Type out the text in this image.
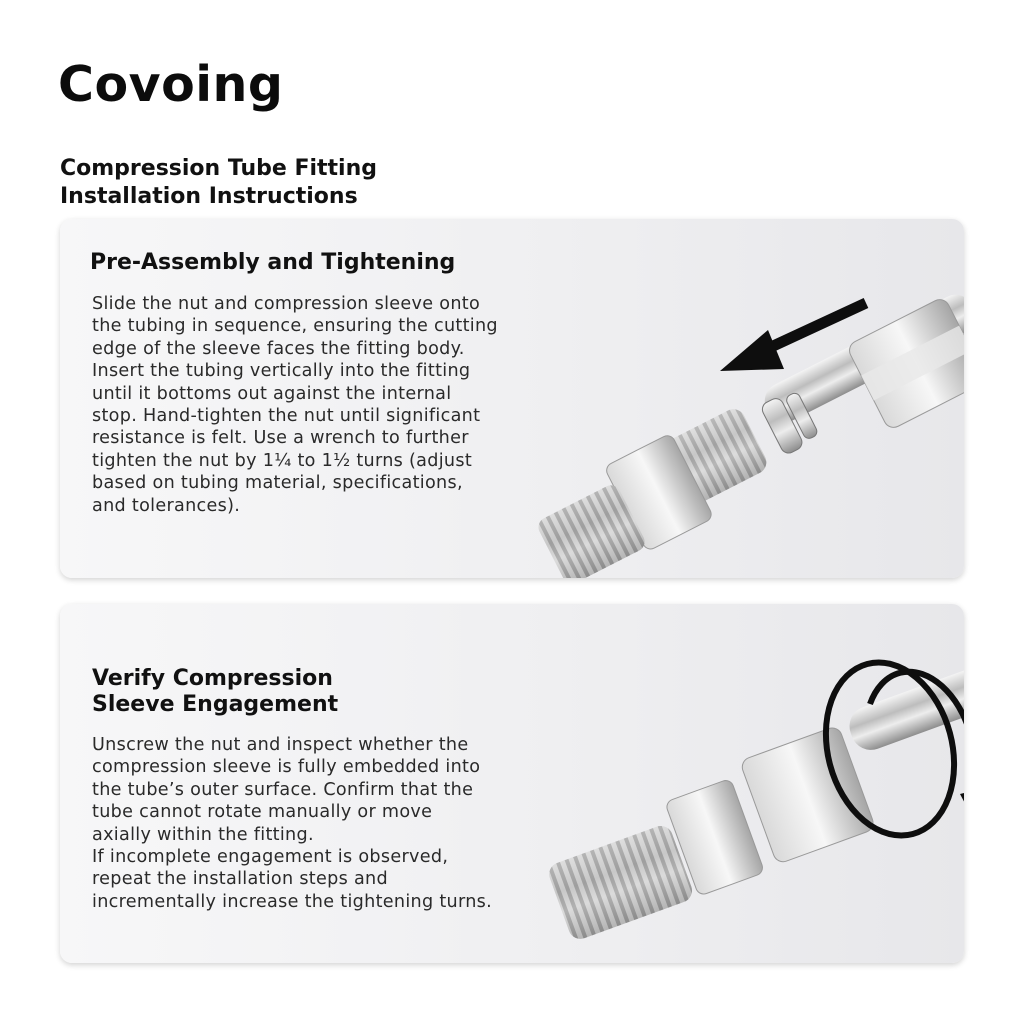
Covoing
Compression Tube Fitting
Installation Instructions
Pre-Assembly and Tightening

Slide the nut and compression sleeve onto
the tubing in sequence, ensuring the cutting
edge of the sleeve faces the fitting body.
Insert the tubing vertically into the fitting
until it bottoms out against the internal
stop. Hand-tighten the nut until significant
resistance is felt. Use a wrench to further
tighten the nut by 1¼ to 1½ turns (adjust
based on tubing material, specifications,
and tolerances).

Verify Compression
Sleeve Engagement

Unscrew the nut and inspect whether the
compression sleeve is fully embedded into
the tube’s outer surface. Confirm that the
tube cannot rotate manually or move
axially within the fitting.
If incomplete engagement is observed,
repeat the installation steps and
incrementally increase the tightening turns.
